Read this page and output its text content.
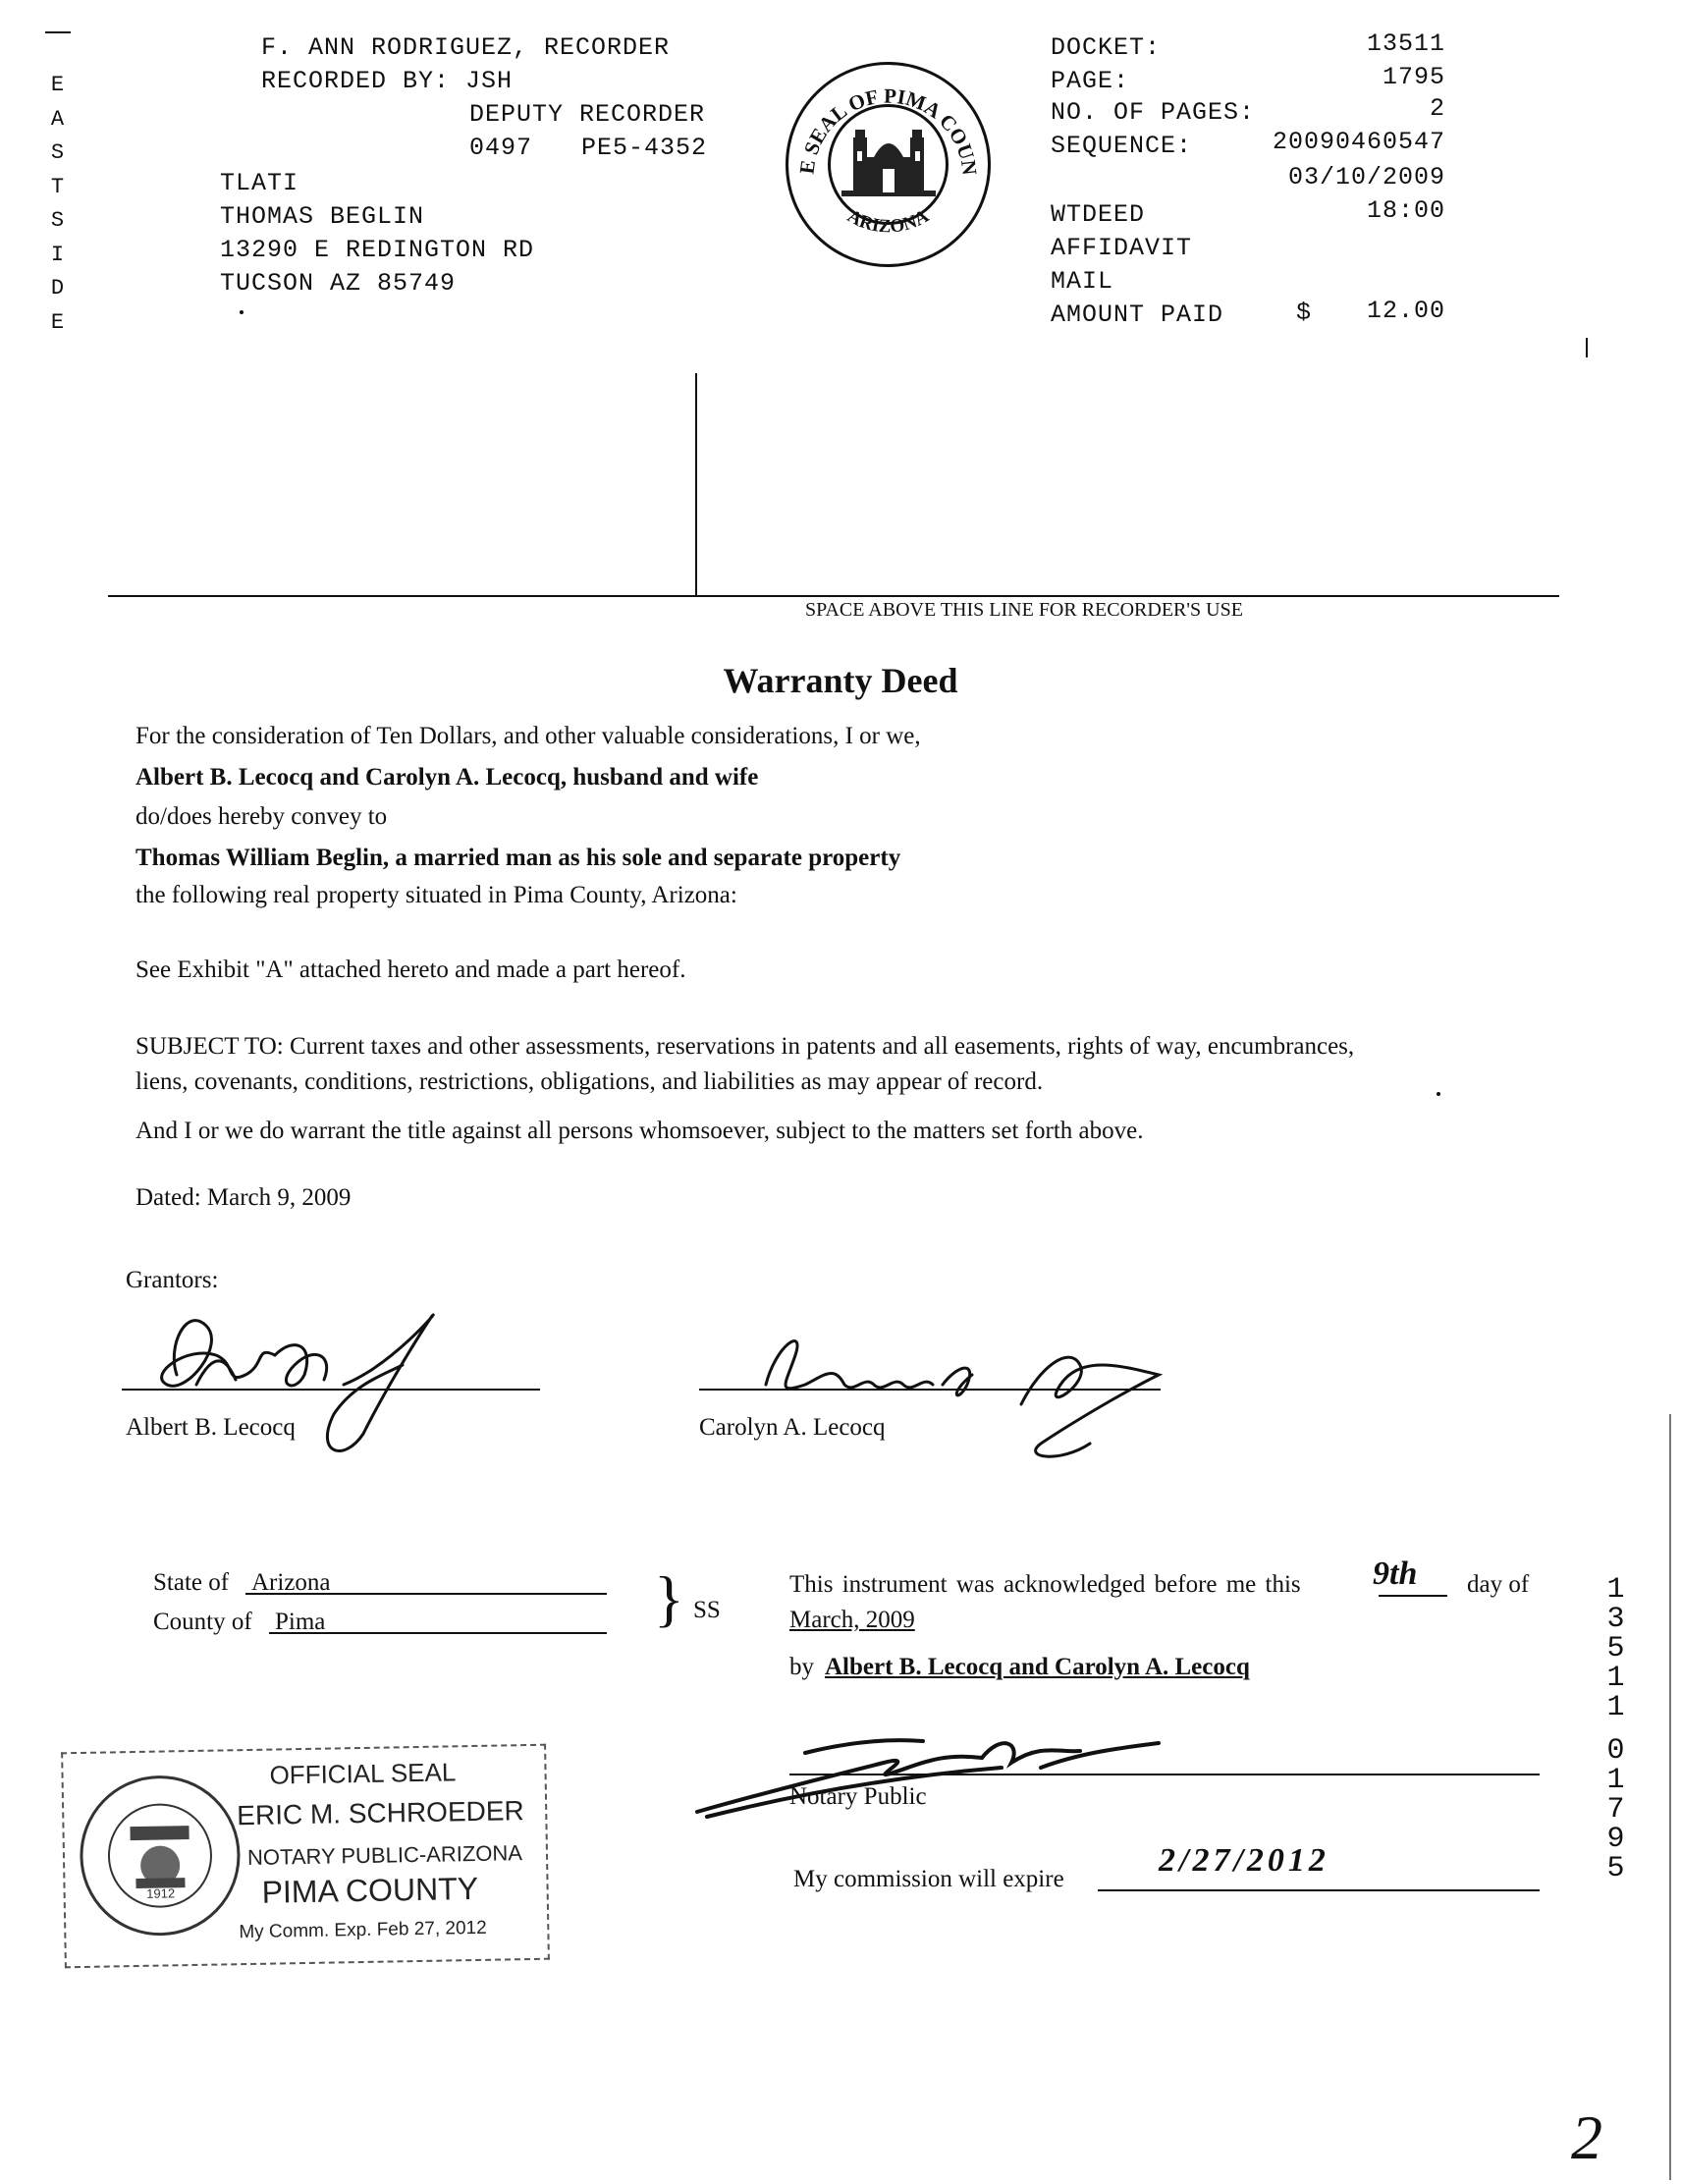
E
A
S
T
S
I
D
E
F. ANN RODRIGUEZ, RECORDER
RECORDED BY: JSH
DEPUTY RECORDER
0497 PE5-4352
TLATI
THOMAS BEGLIN
13290 E REDINGTON RD
TUCSON AZ 85749
E SEAL OF PIMA COUN
ARIZONA
DOCKET:	13511
PAGE:	1795
NO. OF PAGES:	2
SEQUENCE:	20090460547
03/10/2009
WTDEED	18:00
AFFIDAVIT
MAIL
AMOUNT PAID	$ 12.00
SPACE ABOVE THIS LINE FOR RECORDER'S USE
Warranty Deed
For the consideration of Ten Dollars, and other valuable considerations, I or we,
Albert B. Lecocq and Carolyn A. Lecocq, husband and wife
do/does hereby convey to
Thomas William Beglin, a married man as his sole and separate property
the following real property situated in Pima County, Arizona:
See Exhibit "A" attached hereto and made a part hereof.
SUBJECT TO: Current taxes and other assessments, reservations in patents and all easements, rights of way, encumbrances,
liens, covenants, conditions, restrictions, obligations, and liabilities as may appear of record.
And I or we do warrant the title against all persons whomsoever, subject to the matters set forth above.
Dated: March 9, 2009
Grantors:
Albert B. Lecocq	Carolyn A. Lecocq
State of Arizona
County of Pima	} SS
This instrument was acknowledged before me this 9th day of
March, 2009
by Albert B. Lecocq and Carolyn A. Lecocq
Notary Public
My commission will expire
2/27/2012
1912
OFFICIAL SEAL
ERIC M. SCHROEDER
NOTARY PUBLIC-ARIZONA
PIMA COUNTY
My Comm. Exp. Feb 27, 2012
1
3
5
1
1
0
1
7
9
5
2
